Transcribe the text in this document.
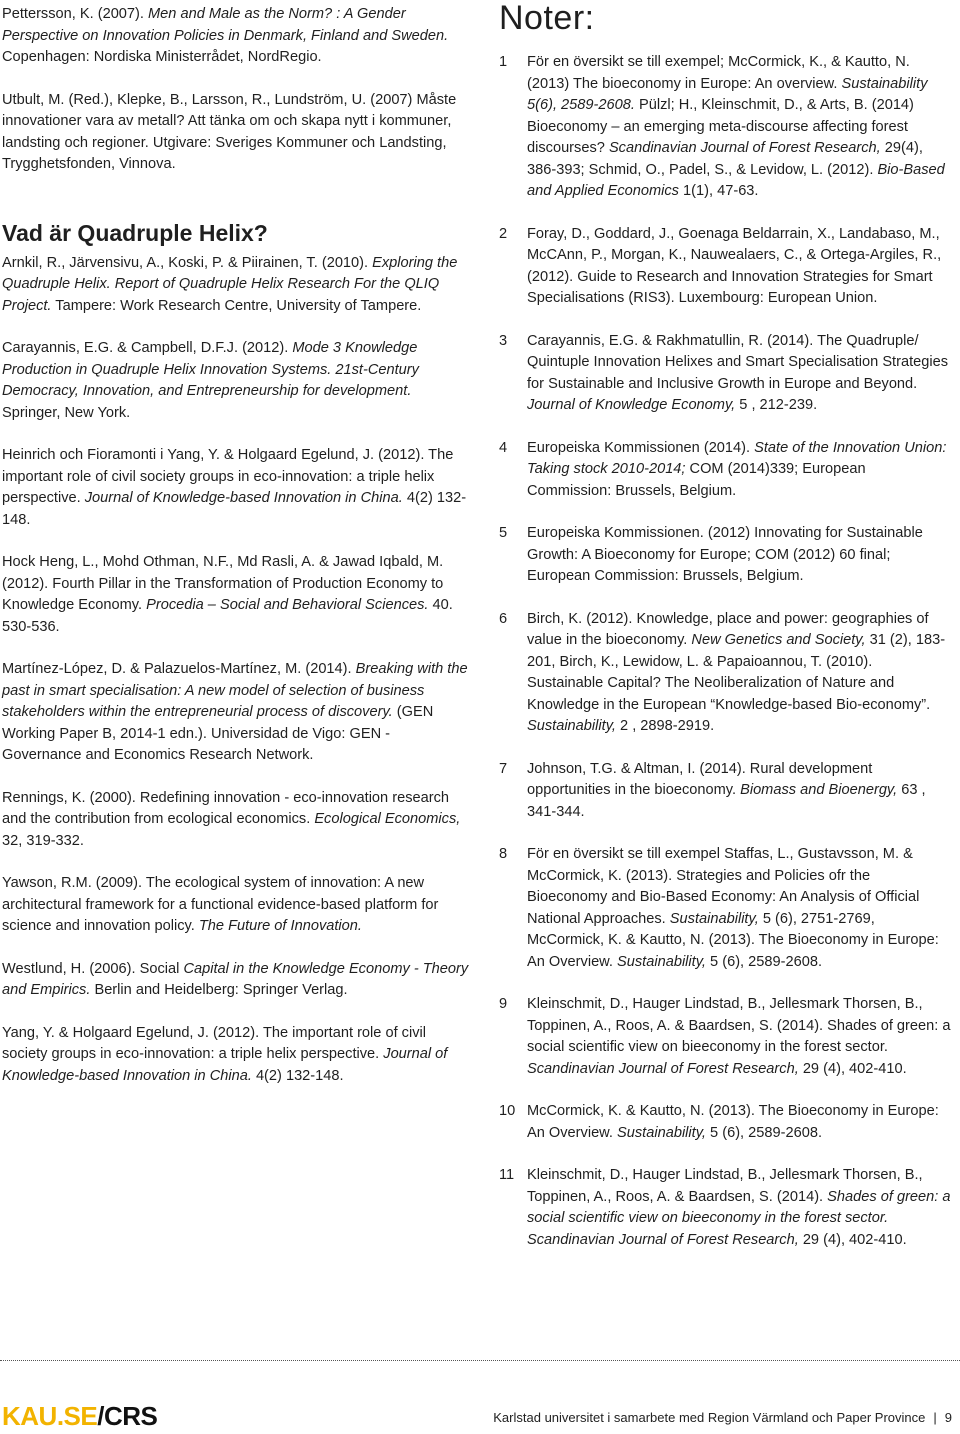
Pettersson, K. (2007). Men and Male as the Norm? : A Gender Perspective on Innovation Policies in Denmark, Finland and Sweden. Copenhagen: Nordiska Ministerrådet, NordRegio.
Utbult, M. (Red.), Klepke, B., Larsson, R., Lundström, U. (2007) Måste innovationer vara av metall? Att tänka om och skapa nytt i kommuner, landsting och regioner. Utgivare: Sveriges Kommuner och Landsting, Trygghetsfonden, Vinnova.
Vad är Quadruple Helix?
Arnkil, R., Järvensivu, A., Koski, P. & Piirainen, T. (2010). Exploring the Quadruple Helix. Report of Quadruple Helix Research For the QLIQ Project. Tampere: Work Research Centre, University of Tampere.
Carayannis, E.G. & Campbell, D.F.J. (2012). Mode 3 Knowledge Production in Quadruple Helix Innovation Systems. 21st-Century Democracy, Innovation, and Entrepreneurship for development. Springer, New York.
Heinrich och Fioramonti i Yang, Y. & Holgaard Egelund, J. (2012). The important role of civil society groups in eco-innovation: a triple helix perspective. Journal of Knowledge-based Innovation in China. 4(2) 132-148.
Hock Heng, L., Mohd Othman, N.F., Md Rasli, A. & Jawad Iqbald, M. (2012). Fourth Pillar in the Transformation of Production Economy to Knowledge Economy. Procedia – Social and Behavioral Sciences. 40. 530-536.
Martínez-López, D. & Palazuelos-Martínez, M. (2014). Breaking with the past in smart specialisation: A new model of selection of business stakeholders within the entrepreneurial process of discovery. (GEN Working Paper B, 2014-1 edn.). Universidad de Vigo: GEN - Governance and Economics Research Network.
Rennings, K. (2000). Redefining innovation - eco-innovation research and the contribution from ecological economics. Ecological Economics, 32, 319-332.
Yawson, R.M. (2009). The ecological system of innovation: A new architectural framework for a functional evidence-based platform for science and innovation policy. The Future of Innovation.
Westlund, H. (2006). Social Capital in the Knowledge Economy - Theory and Empirics. Berlin and Heidelberg: Springer Verlag.
Yang, Y. & Holgaard Egelund, J. (2012). The important role of civil society groups in eco-innovation: a triple helix perspective. Journal of Knowledge-based Innovation in China. 4(2) 132-148.
Noter:
1 För en översikt se till exempel; McCormick, K., & Kautto, N. (2013) The bioeconomy in Europe: An overview. Sustainability 5(6), 2589-2608. Pülzl; H., Kleinschmit, D., & Arts, B. (2014) Bioeconomy – an emerging meta-discourse affecting forest discourses? Scandinavian Journal of Forest Research, 29(4), 386-393; Schmid, O., Padel, S., & Levidow, L. (2012). Bio-Based and Applied Economics 1(1), 47-63.
2 Foray, D., Goddard, J., Goenaga Beldarrain, X., Landabaso, M., McCAnn, P., Morgan, K., Nauwealaers, C., & Ortega-Argiles, R., (2012). Guide to Research and Innovation Strategies for Smart Specialisations (RIS3). Luxembourg: European Union.
3 Carayannis, E.G. & Rakhmatullin, R. (2014). The Quadruple/ Quintuple Innovation Helixes and Smart Specialisation Strategies for Sustainable and Inclusive Growth in Europe and Beyond. Journal of Knowledge Economy, 5 , 212-239.
4 Europeiska Kommissionen (2014). State of the Innovation Union: Taking stock 2010-2014; COM (2014)339; European Commission: Brussels, Belgium.
5 Europeiska Kommissionen. (2012) Innovating for Sustainable Growth: A Bioeconomy for Europe; COM (2012) 60 final; European Commission: Brussels, Belgium.
6 Birch, K. (2012). Knowledge, place and power: geographies of value in the bioeconomy. New Genetics and Society, 31 (2), 183-201, Birch, K., Lewidow, L. & Papaioannou, T. (2010). Sustainable Capital? The Neoliberalization of Nature and Knowledge in the European “Knowledge-based Bio-economy”. Sustainability, 2 , 2898-2919.
7 Johnson, T.G. & Altman, I. (2014). Rural development opportunities in the bioeconomy. Biomass and Bioenergy, 63 , 341-344.
8 För en översikt se till exempel Staffas, L., Gustavsson, M. & McCormick, K. (2013). Strategies and Policies ofr the Bioeconomy and Bio-Based Economy: An Analysis of Official National Approaches. Sustainability, 5 (6), 2751-2769, McCormick, K. & Kautto, N. (2013). The Bioeconomy in Europe: An Overview. Sustainability, 5 (6), 2589-2608.
9 Kleinschmit, D., Hauger Lindstad, B., Jellesmark Thorsen, B., Toppinen, A., Roos, A. & Baardsen, S. (2014). Shades of green: a social scientific view on bieeconomy in the forest sector. Scandinavian Journal of Forest Research, 29 (4), 402-410.
10 McCormick, K. & Kautto, N. (2013). The Bioeconomy in Europe: An Overview. Sustainability, 5 (6), 2589-2608.
11 Kleinschmit, D., Hauger Lindstad, B., Jellesmark Thorsen, B., Toppinen, A., Roos, A. & Baardsen, S. (2014). Shades of green: a social scientific view on bieeconomy in the forest sector. Scandinavian Journal of Forest Research, 29 (4), 402-410.
KAU.SE/CRS	Karlstad universitet i samarbete med Region Värmland och Paper Province | 9
